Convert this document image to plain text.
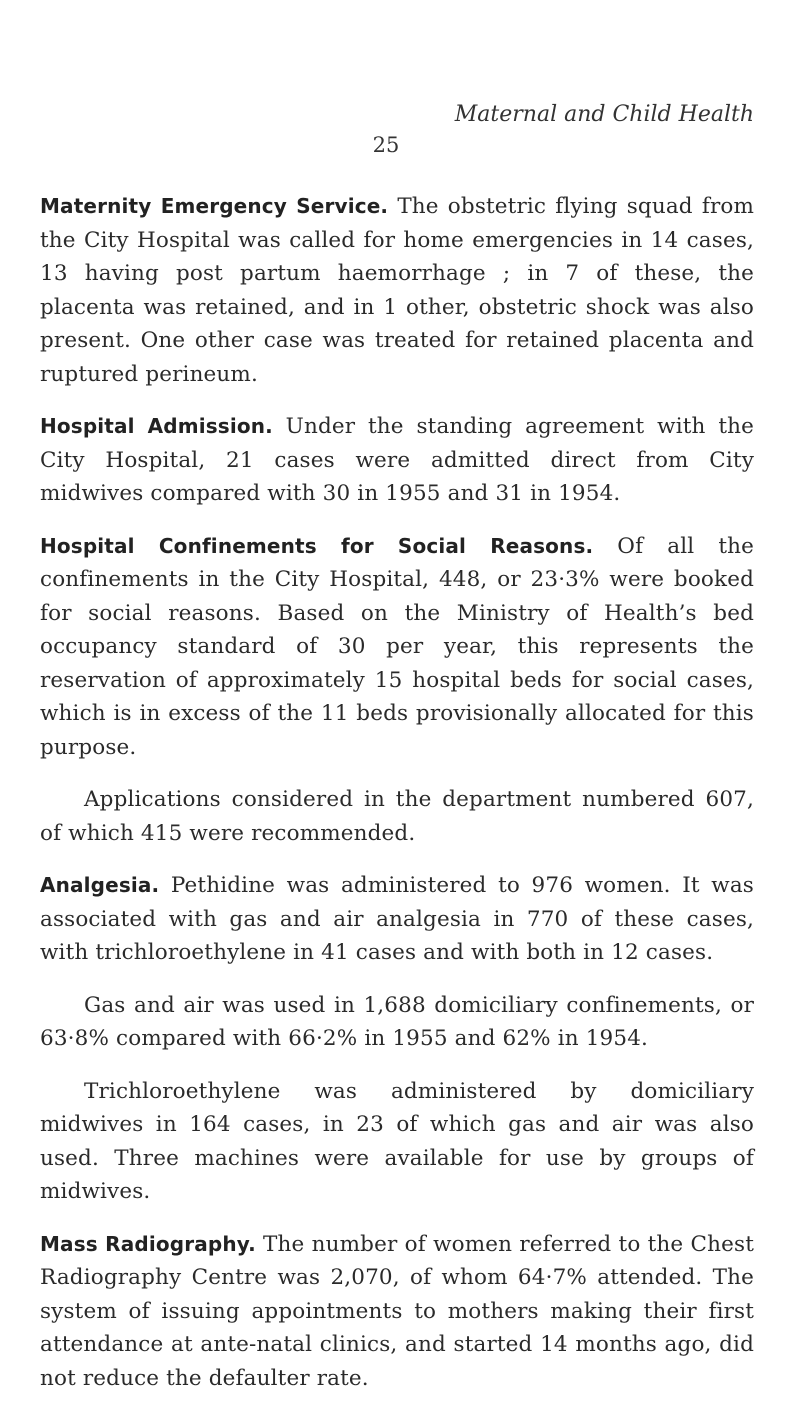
Maternal and Child Health
25

Maternity Emergency Service. The obstetric flying squad from the City Hospital was called for home emergencies in 14 cases, 13 having post partum haemorrhage ; in 7 of these, the placenta was retained, and in 1 other, obstetric shock was also present. One other case was treated for retained placenta and ruptured perineum.

Hospital Admission. Under the standing agreement with the City Hospital, 21 cases were admitted direct from City midwives compared with 30 in 1955 and 31 in 1954.

Hospital Confinements for Social Reasons. Of all the confinements in the City Hospital, 448, or 23·3% were booked for social reasons. Based on the Ministry of Health’s bed occupancy standard of 30 per year, this represents the reservation of approximately 15 hospital beds for social cases, which is in excess of the 11 beds provisionally allocated for this purpose.

Applications considered in the department numbered 607, of which 415 were recommended.

Analgesia. Pethidine was administered to 976 women. It was associated with gas and air analgesia in 770 of these cases, with trichloroethylene in 41 cases and with both in 12 cases.

Gas and air was used in 1,688 domiciliary confinements, or 63·8% compared with 66·2% in 1955 and 62% in 1954.

Trichloroethylene was administered by domiciliary midwives in 164 cases, in 23 of which gas and air was also used. Three machines were available for use by groups of midwives.

Mass Radiography. The number of women referred to the Chest Radiography Centre was 2,070, of whom 64·7% attended. The system of issuing appointments to mothers making their first attendance at ante-natal clinics, and started 14 months ago, did not reduce the defaulter rate.
